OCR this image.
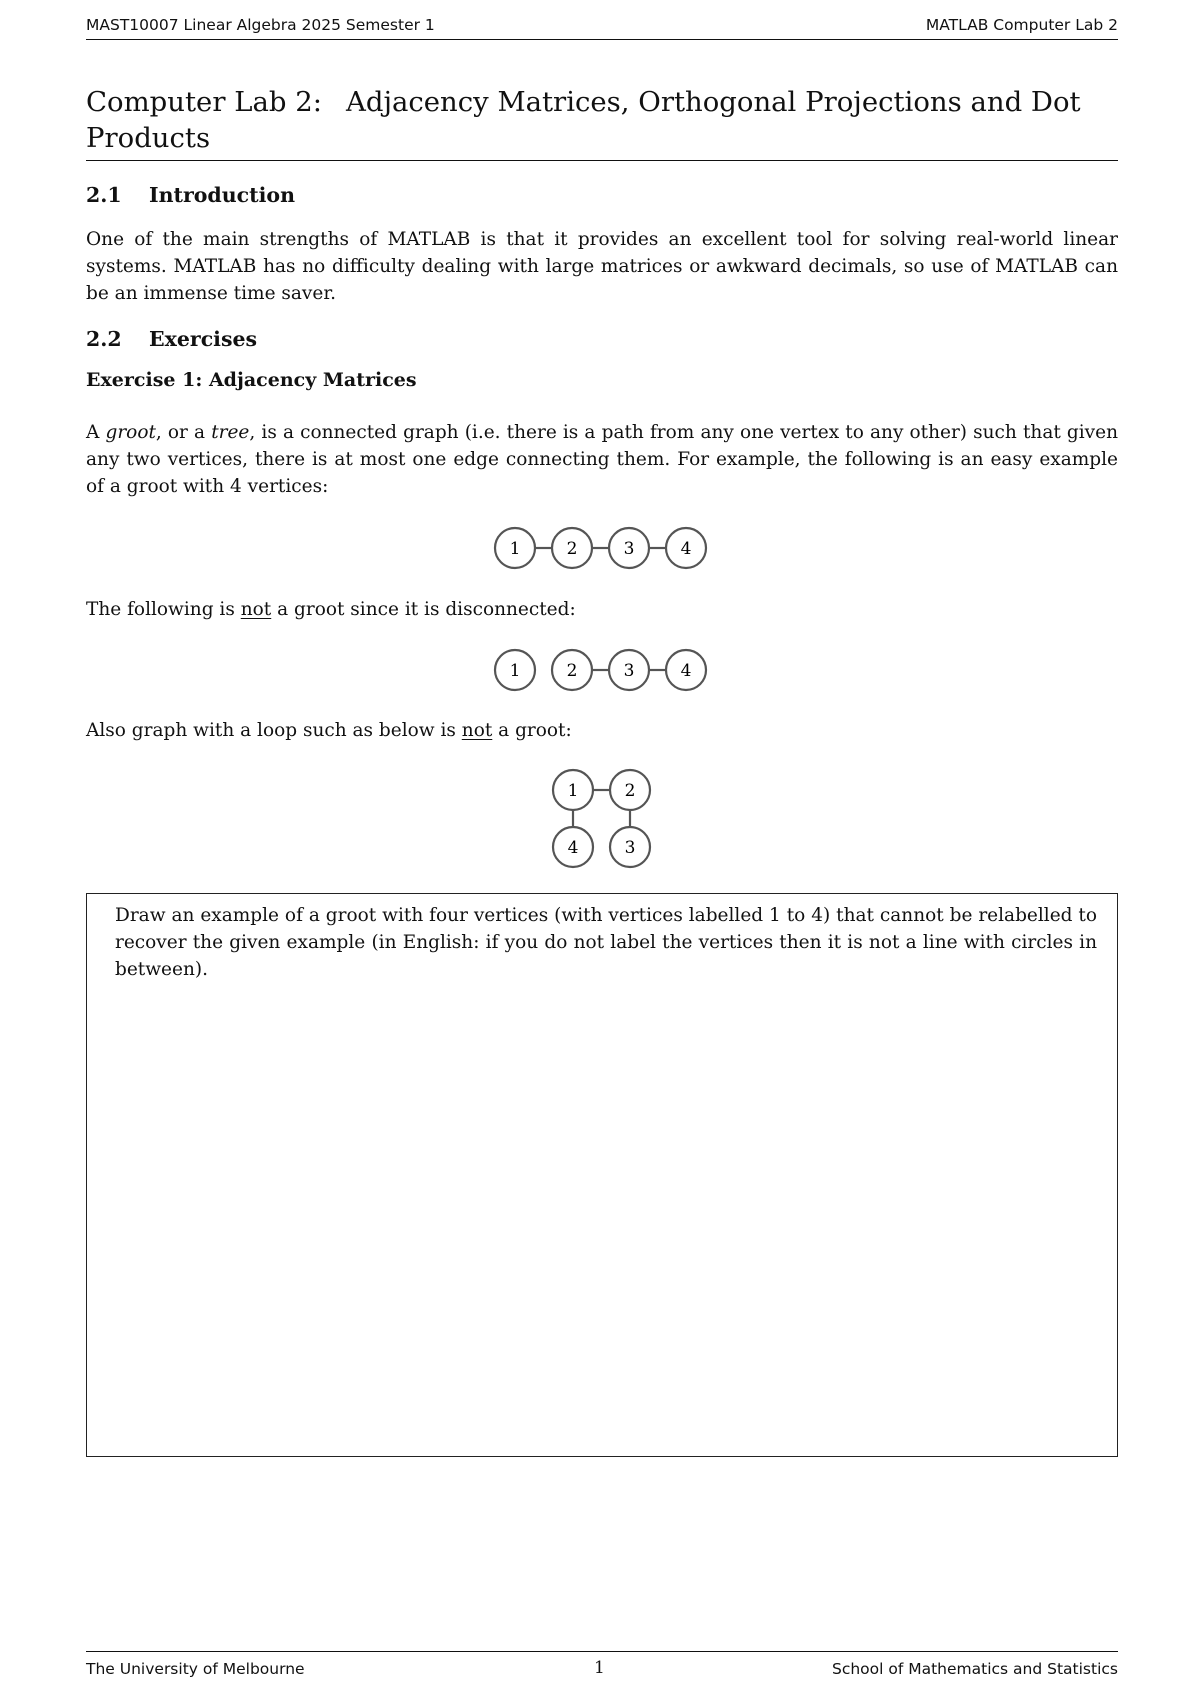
MAST10007 Linear Algebra 2025 Semester 1	MATLAB Computer Lab 2
Computer Lab 2: Adjacency Matrices, Orthogonal Projections and Dot Products
2.1 Introduction

One of the main strengths of MATLAB is that it provides an excellent tool for solving real-world linear systems. MATLAB has no difficulty dealing with large matrices or awkward decimals, so use of MATLAB can be an immense time saver.

2.2 Exercises
Exercise 1: Adjacency Matrices

A groot, or a tree, is a connected graph (i.e. there is a path from any one vertex to any other) such that given any two vertices, there is at most one edge connecting them. For example, the following is an easy example of a groot with 4 vertices:

1	2	3	4

The following is not a groot since it is disconnected:

1	2	3	4

Also graph with a loop such as below is not a groot:

1	2
4	3

Draw an example of a groot with four vertices (with vertices labelled 1 to 4) that cannot be relabelled to recover the given example (in English: if you do not label the vertices then it is not a line with circles in between).

The University of Melbourne	1	School of Mathematics and Statistics
